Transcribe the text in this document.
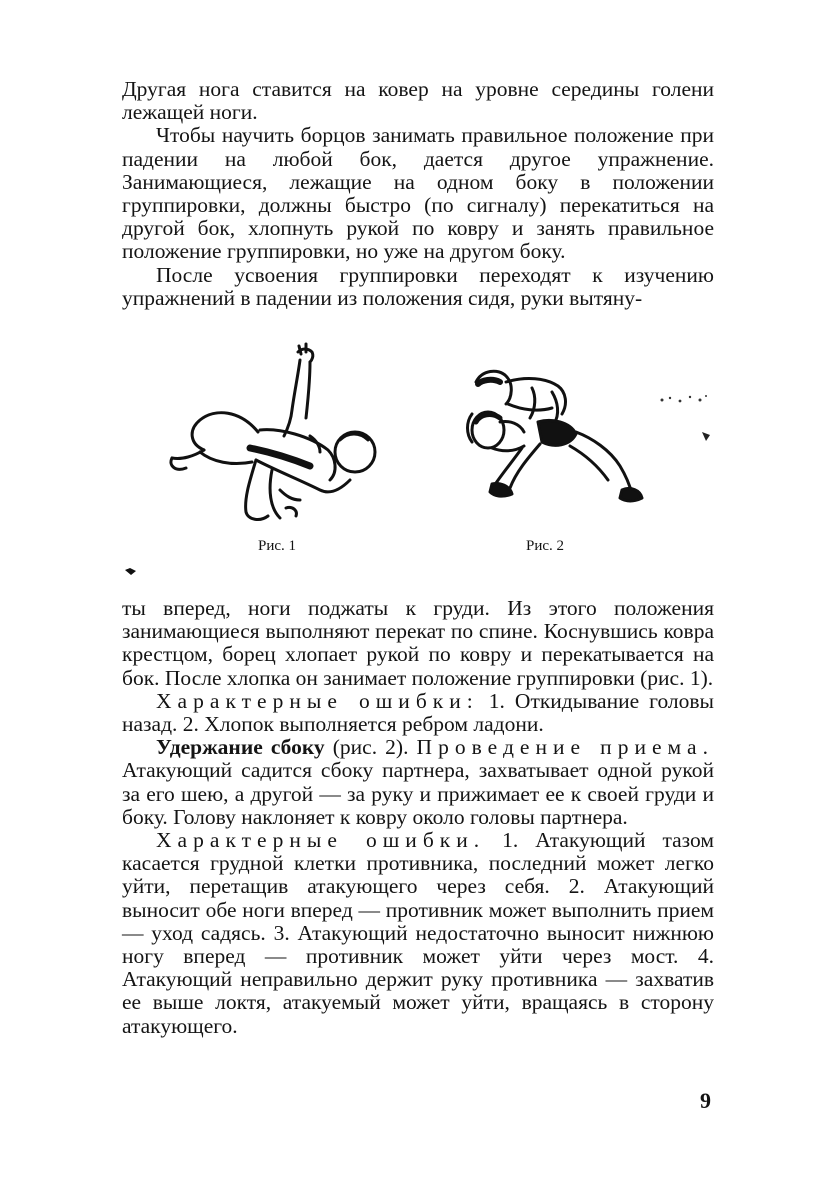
Другая нога ставится на ковер на уровне середины голени лежащей ноги.

Чтобы научить борцов занимать правильное положение при падении на любой бок, дается другое упражнение. Занимающиеся, лежащие на одном боку в положении группировки, должны быстро (по сигналу) перекатиться на другой бок, хлопнуть рукой по ковру и занять правильное положение группировки, но уже на другом боку.

После усвоения группировки переходят к изучению упражнений в падении из положения сидя, руки вытяну-

Рис. 1	Рис. 2

ты вперед, ноги поджаты к груди. Из этого положения занимающиеся выполняют перекат по спине. Коснувшись ковра крестцом, борец хлопает рукой по ковру и перекатывается на бок. После хлопка он занимает положение группировки (рис. 1).

Характерные ошибки: 1. Откидывание головы назад. 2. Хлопок выполняется ребром ладони.

Удержание сбоку (рис. 2). Проведение приема. Атакующий садится сбоку партнера, захватывает одной рукой за его шею, а другой — за руку и прижимает ее к своей груди и боку. Голову наклоняет к ковру около головы партнера.

Характерные ошибки. 1. Атакующий тазом касается грудной клетки противника, последний может легко уйти, перетащив атакующего через себя. 2. Атакующий выносит обе ноги вперед — противник может выполнить прием — уход садясь. 3. Атакующий недостаточно выносит нижнюю ногу вперед — противник может уйти через мост. 4. Атакующий неправильно держит руку противника — захватив ее выше локтя, атакуемый может уйти, вращаясь в сторону атакующего.

9
